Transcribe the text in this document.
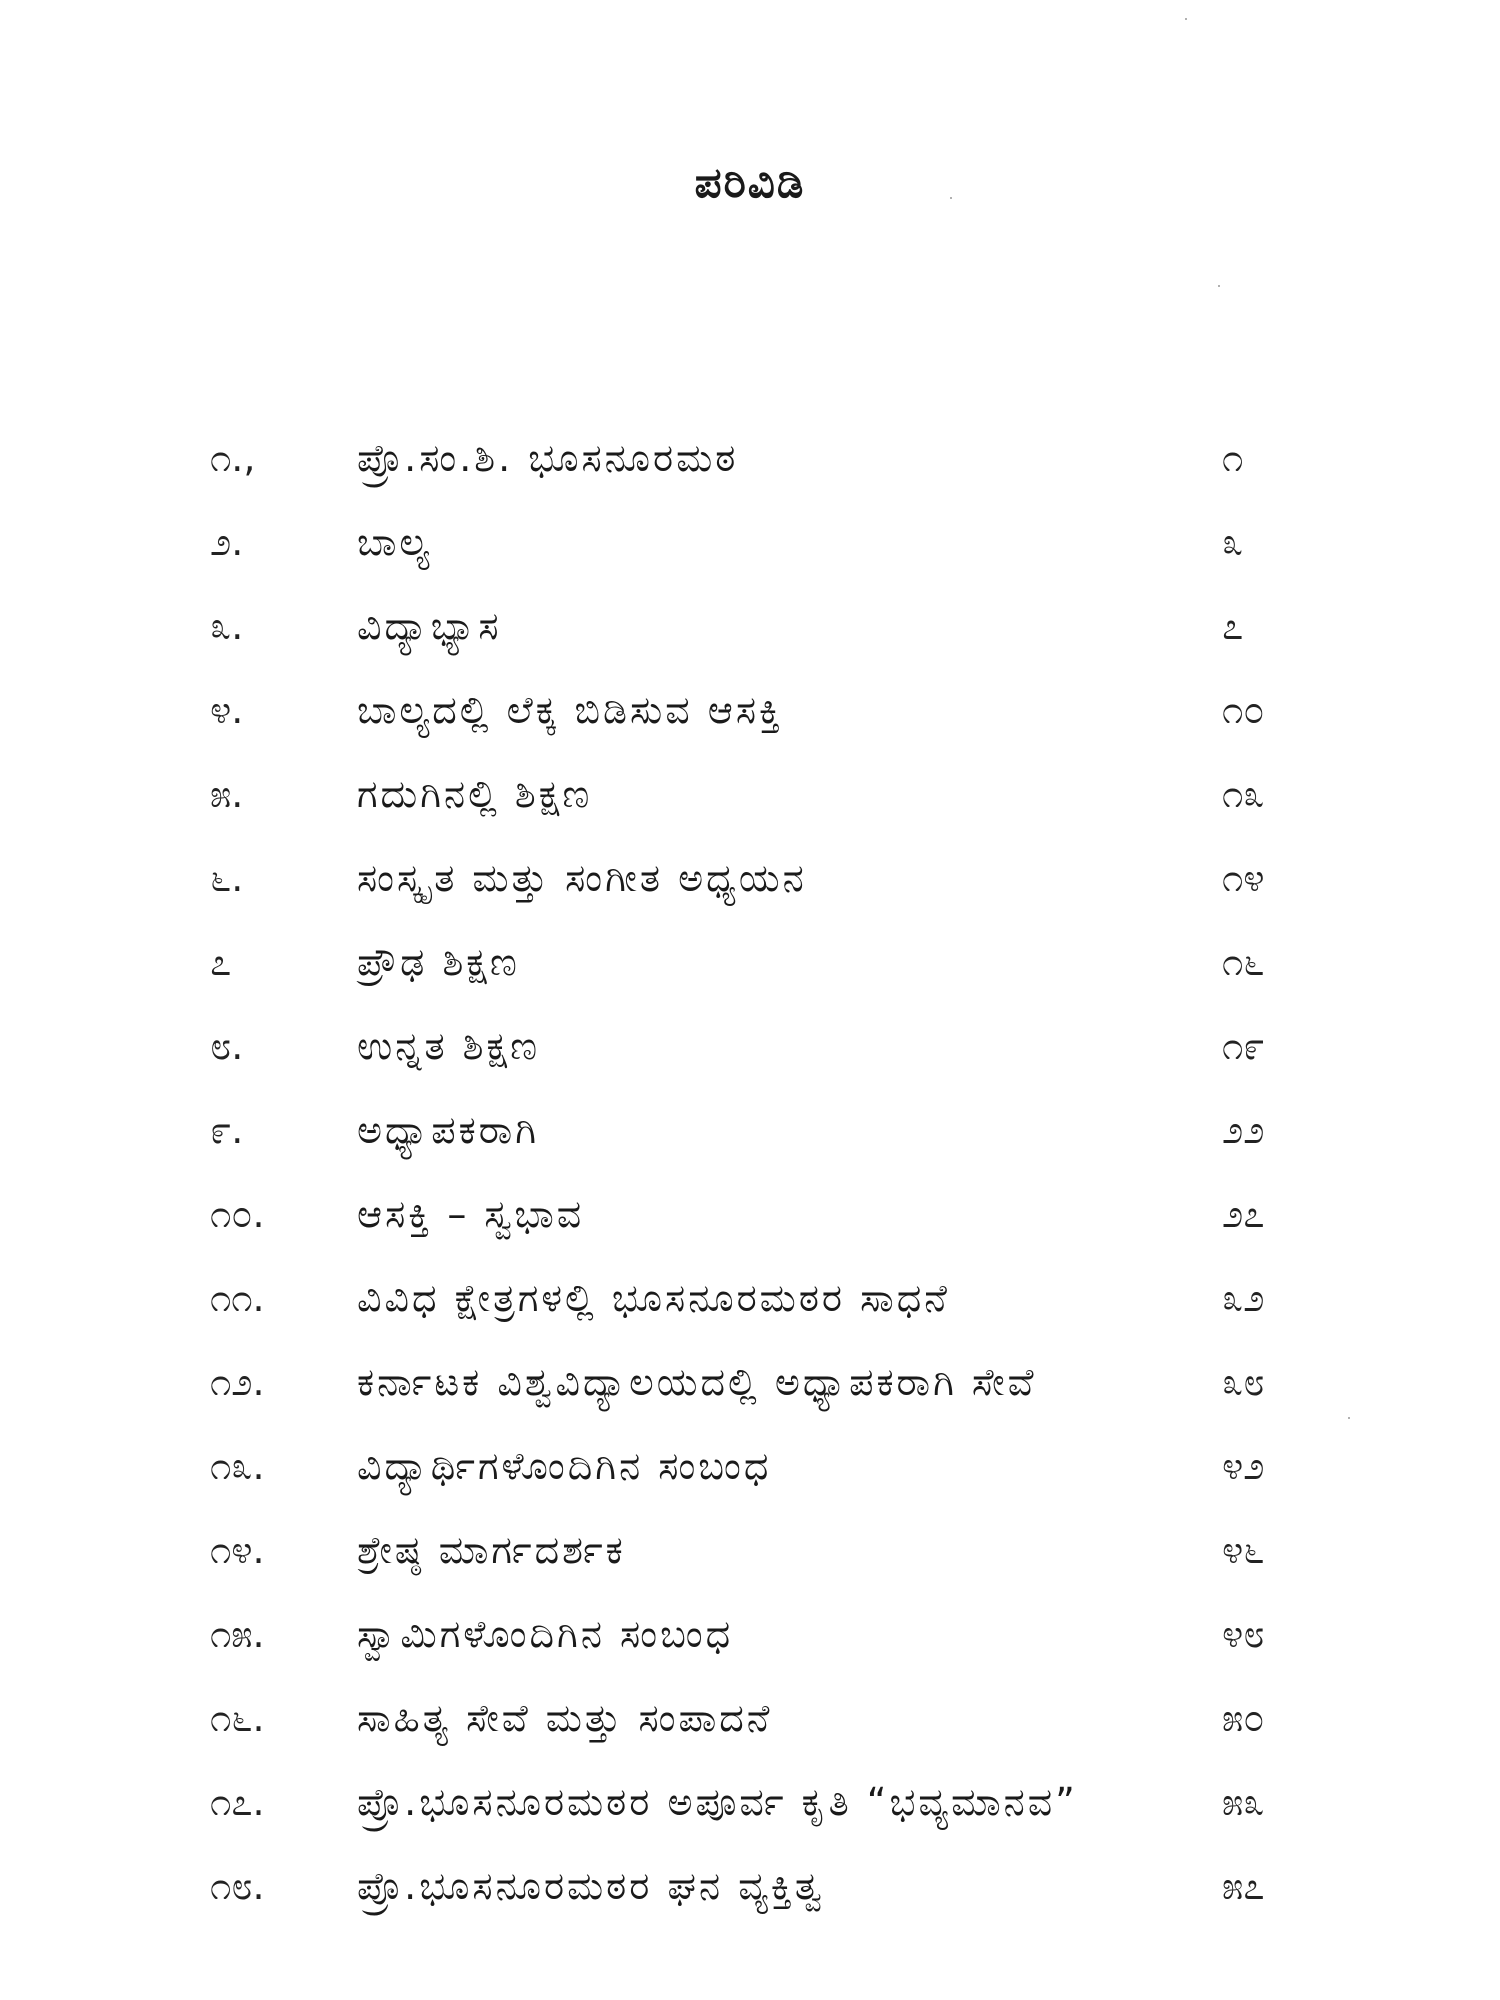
ಪರಿವಿಡಿ
೧.,	ಪ್ರೊ.ಸಂ.ಶಿ. ಭೂಸನೂರಮಠ	೧
೨.	ಬಾಲ್ಯ	೩
೩.	ವಿದ್ಯಾಭ್ಯಾಸ	೭
೪.	ಬಾಲ್ಯದಲ್ಲಿ ಲೆಕ್ಕ ಬಿಡಿಸುವ ಆಸಕ್ತಿ	೧೦
೫.	ಗದುಗಿನಲ್ಲಿ ಶಿಕ್ಷಣ	೧೩
೬.	ಸಂಸ್ಕೃತ ಮತ್ತು ಸಂಗೀತ ಅಧ್ಯಯನ	೧೪
೭	ಪ್ರೌಢ ಶಿಕ್ಷಣ	೧೬
೮.	ಉನ್ನತ ಶಿಕ್ಷಣ	೧೯
೯.	ಅಧ್ಯಾಪಕರಾಗಿ	೨೨
೧೦. ಆಸಕ್ತಿ – ಸ್ವಭಾವ	೨೭
೧೧. ವಿವಿಧ ಕ್ಷೇತ್ರಗಳಲ್ಲಿ ಭೂಸನೂರಮಠರ ಸಾಧನೆ	೩೨
೧೨. ಕರ್ನಾಟಕ ವಿಶ್ವವಿದ್ಯಾಲಯದಲ್ಲಿ ಅಧ್ಯಾಪಕರಾಗಿ ಸೇವೆ	೩೮
೧೩. ವಿದ್ಯಾರ್ಥಿಗಳೊಂದಿಗಿನ ಸಂಬಂಧ	೪೨
೧೪. ಶ್ರೇಷ್ಠ ಮಾರ್ಗದರ್ಶಕ	೪೬
೧೫. ಸ್ವಾಮಿಗಳೊಂದಿಗಿನ ಸಂಬಂಧ	೪೮
೧೬. ಸಾಹಿತ್ಯ ಸೇವೆ ಮತ್ತು ಸಂಪಾದನೆ	೫೦
೧೭. ಪ್ರೊ.ಭೂಸನೂರಮಠರ ಅಪೂರ್ವ ಕೃತಿ “ಭವ್ಯಮಾನವ”	೫೩
೧೮. ಪ್ರೊ.ಭೂಸನೂರಮಠರ ಘನ ವ್ಯಕ್ತಿತ್ವ	೫೭
